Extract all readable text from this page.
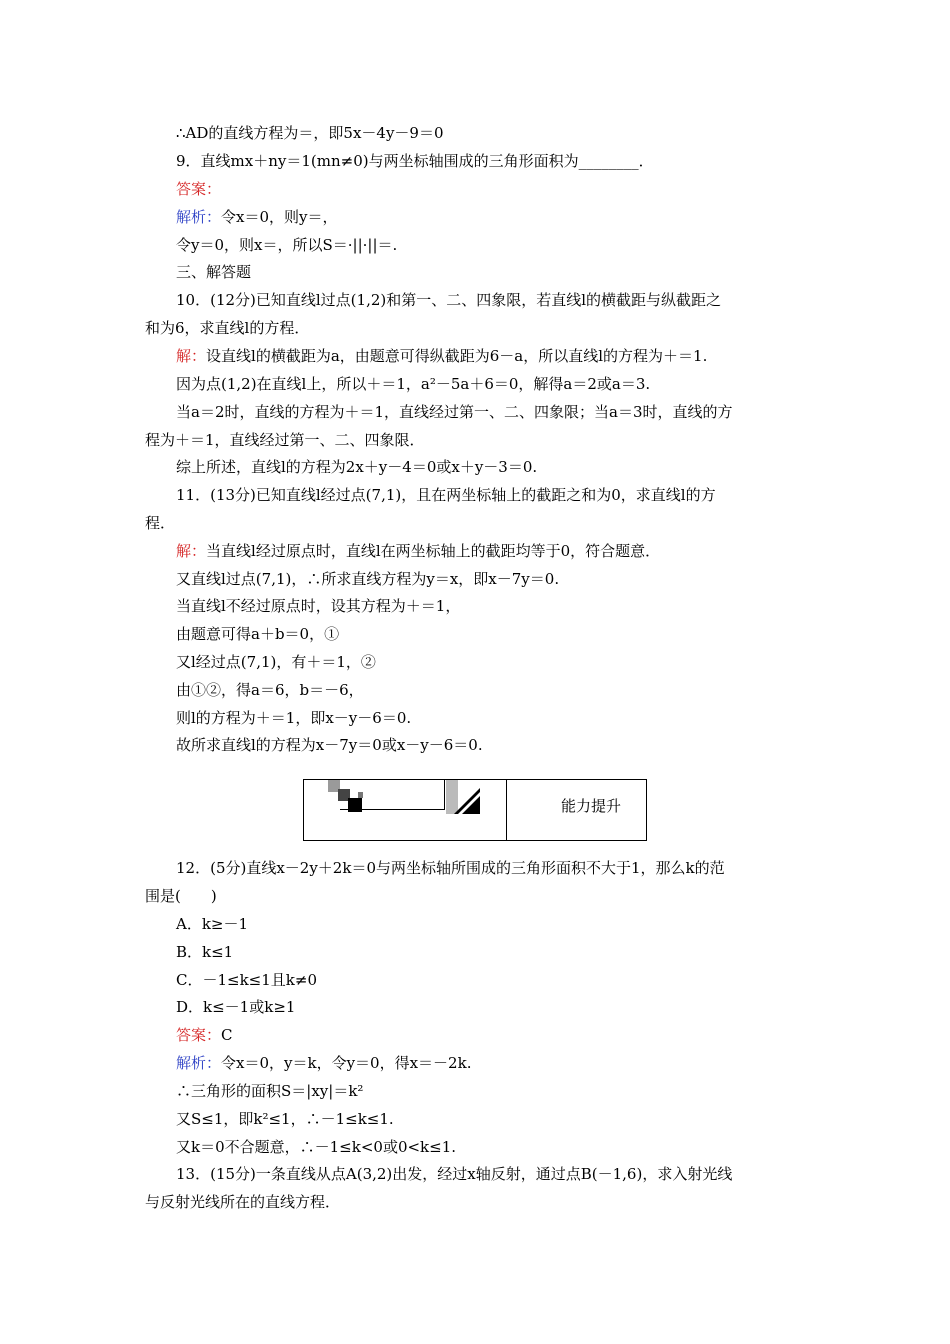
∴AD的直线方程为＝，即5x－4y－9＝0
9．直线mx＋ny＝1(mn≠0)与两坐标轴围成的三角形面积为________．
答案：
解析：令x＝0，则y＝，
令y＝0，则x＝，所以S＝·||·||＝.
三、解答题
10．(12分)已知直线l过点(1,2)和第一、二、四象限，若直线l的横截距与纵截距之
和为6，求直线l的方程．
解：设直线l的横截距为a，由题意可得纵截距为6－a，所以直线l的方程为＋＝1.
因为点(1,2)在直线l上，所以＋＝1，a²－5a＋6＝0，解得a＝2或a＝3.
当a＝2时，直线的方程为＋＝1，直线经过第一、二、四象限；当a＝3时，直线的方
程为＋＝1，直线经过第一、二、四象限．
综上所述，直线l的方程为2x＋y－4＝0或x＋y－3＝0.
11．(13分)已知直线l经过点(7,1)，且在两坐标轴上的截距之和为0，求直线l的方
程．
解：当直线l经过原点时，直线l在两坐标轴上的截距均等于0，符合题意．
又直线l过点(7,1)，∴所求直线方程为y＝x，即x－7y＝0.
当直线l不经过原点时，设其方程为＋＝1，
由题意可得a＋b＝0，①
又l经过点(7,1)，有＋＝1，②
由①②，得a＝6，b＝－6，
则l的方程为＋＝1，即x－y－6＝0.
故所求直线l的方程为x－7y＝0或x－y－6＝0.
能力提升
12．(5分)直线x－2y＋2k＝0与两坐标轴所围成的三角形面积不大于1，那么k的范
围是(　　)
A．k≥－1
B．k≤1
C．－1≤k≤1且k≠0
D．k≤－1或k≥1
答案：C
解析：令x＝0，y＝k，令y＝0，得x＝－2k.
∴三角形的面积S＝|xy|＝k²
又S≤1，即k²≤1，∴－1≤k≤1.
又k＝0不合题意，∴－1≤k<0或0<k≤1.
13．(15分)一条直线从点A(3,2)出发，经过x轴反射，通过点B(－1,6)，求入射光线
与反射光线所在的直线方程．
